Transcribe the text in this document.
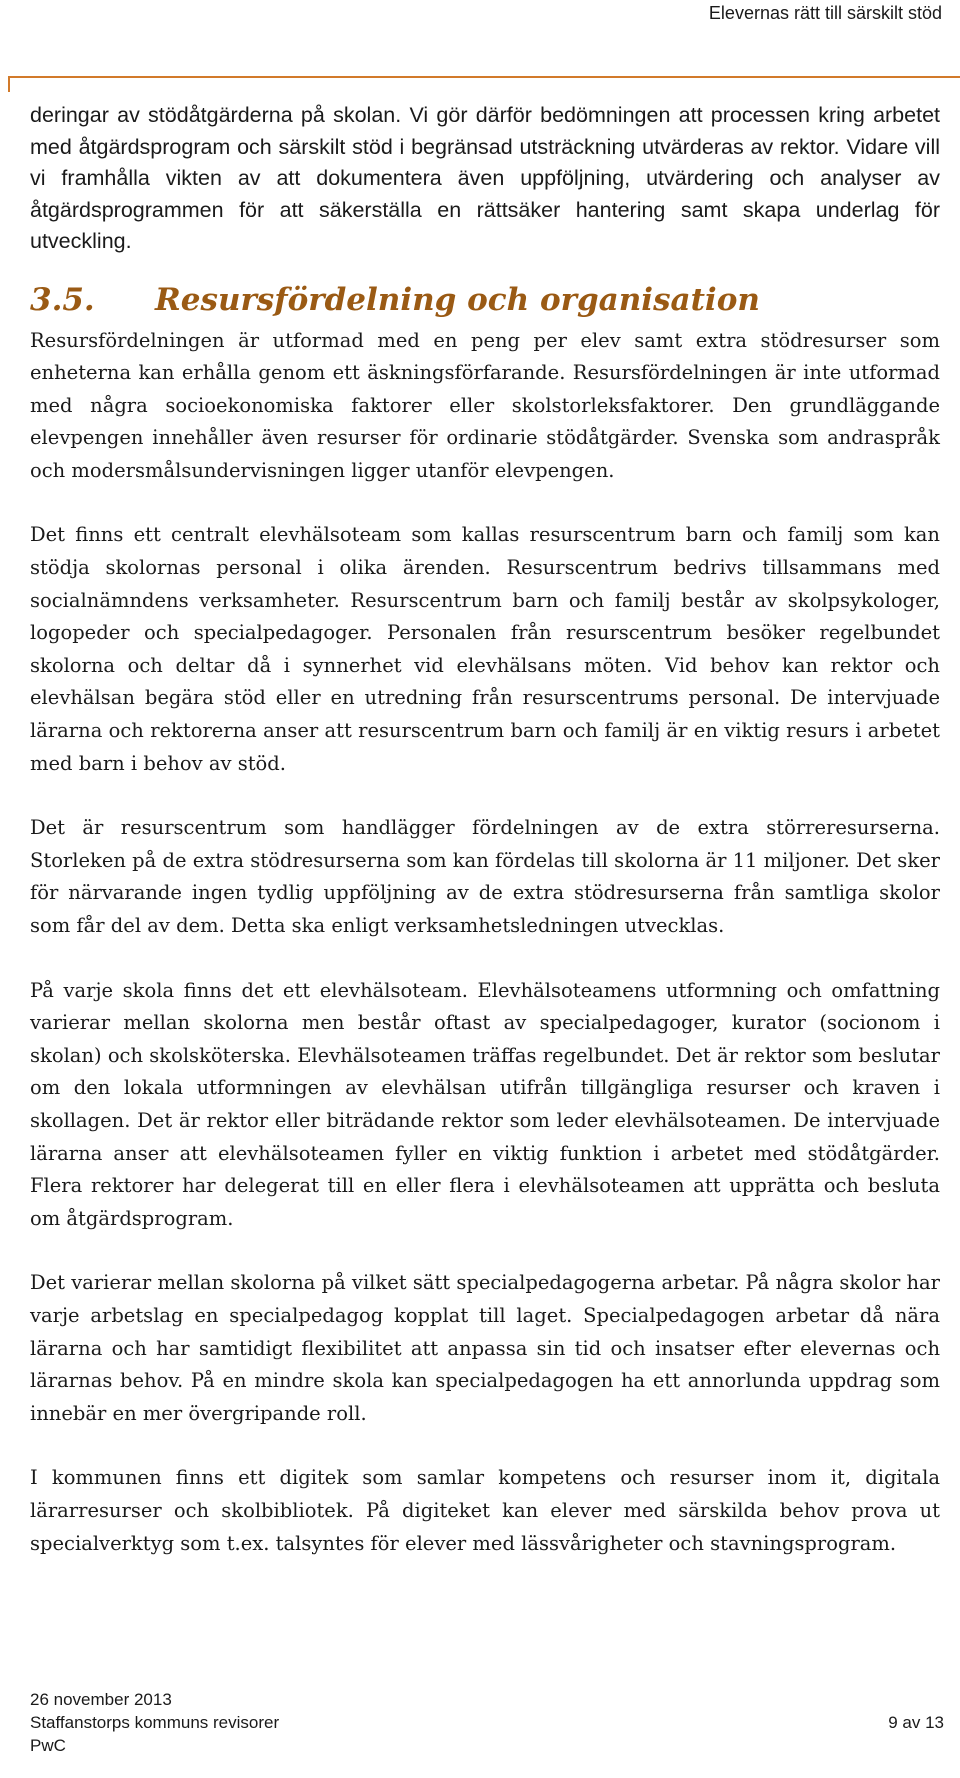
Elevernas rätt till särskilt stöd

deringar av stödåtgärderna på skolan. Vi gör därför bedömningen att processen kring arbetet med åtgärdsprogram och särskilt stöd i begränsad utsträckning utvärderas av rektor. Vidare vill vi framhålla vikten av att dokumentera även uppföljning, utvärdering och analyser av åtgärdsprogrammen för att säkerställa en rättsäker hantering samt skapa underlag för utveckling.

3.5. Resursfördelning och organisation

Resursfördelningen är utformad med en peng per elev samt extra stödresurser som enheterna kan erhålla genom ett äskningsförfarande. Resursfördelningen är inte utformad med några socioekonomiska faktorer eller skolstorleksfaktorer. Den grundläggande elevpengen innehåller även resurser för ordinarie stödåtgärder. Svenska som andraspråk och modersmålsundervisningen ligger utanför elevpengen.

Det finns ett centralt elevhälsoteam som kallas resurscentrum barn och familj som kan stödja skolornas personal i olika ärenden. Resurscentrum bedrivs tillsammans med socialnämndens verksamheter. Resurscentrum barn och familj består av skolpsykologer, logopeder och specialpedagoger. Personalen från resurscentrum besöker regelbundet skolorna och deltar då i synnerhet vid elevhälsans möten. Vid behov kan rektor och elevhälsan begära stöd eller en utredning från resurscentrums personal. De intervjuade lärarna och rektorerna anser att resurscentrum barn och familj är en viktig resurs i arbetet med barn i behov av stöd.

Det är resurscentrum som handlägger fördelningen av de extra störreresurserna. Storleken på de extra stödresurserna som kan fördelas till skolorna är 11 miljoner. Det sker för närvarande ingen tydlig uppföljning av de extra stödresurserna från samtliga skolor som får del av dem. Detta ska enligt verksamhetsledningen utvecklas.

På varje skola finns det ett elevhälsoteam. Elevhälsoteamens utformning och omfattning varierar mellan skolorna men består oftast av specialpedagoger, kurator (socionom i skolan) och skolsköterska. Elevhälsoteamen träffas regelbundet. Det är rektor som beslutar om den lokala utformningen av elevhälsan utifrån tillgängliga resurser och kraven i skollagen. Det är rektor eller biträdande rektor som leder elevhälsoteamen. De intervjuade lärarna anser att elevhälsoteamen fyller en viktig funktion i arbetet med stödåtgärder. Flera rektorer har delegerat till en eller flera i elevhälsoteamen att upprätta och besluta om åtgärdsprogram.

Det varierar mellan skolorna på vilket sätt specialpedagogerna arbetar. På några skolor har varje arbetslag en specialpedagog kopplat till laget. Specialpedagogen arbetar då nära lärarna och har samtidigt flexibilitet att anpassa sin tid och insatser efter elevernas och lärarnas behov. På en mindre skola kan specialpedagogen ha ett annorlunda uppdrag som innebär en mer övergripande roll.

I kommunen finns ett digitek som samlar kompetens och resurser inom it, digitala lärarresurser och skolbibliotek. På digiteket kan elever med särskilda behov prova ut specialverktyg som t.ex. talsyntes för elever med lässvårigheter och stavningsprogram.

26 november 2013
Staffanstorps kommuns revisorer
PwC
9 av 13
